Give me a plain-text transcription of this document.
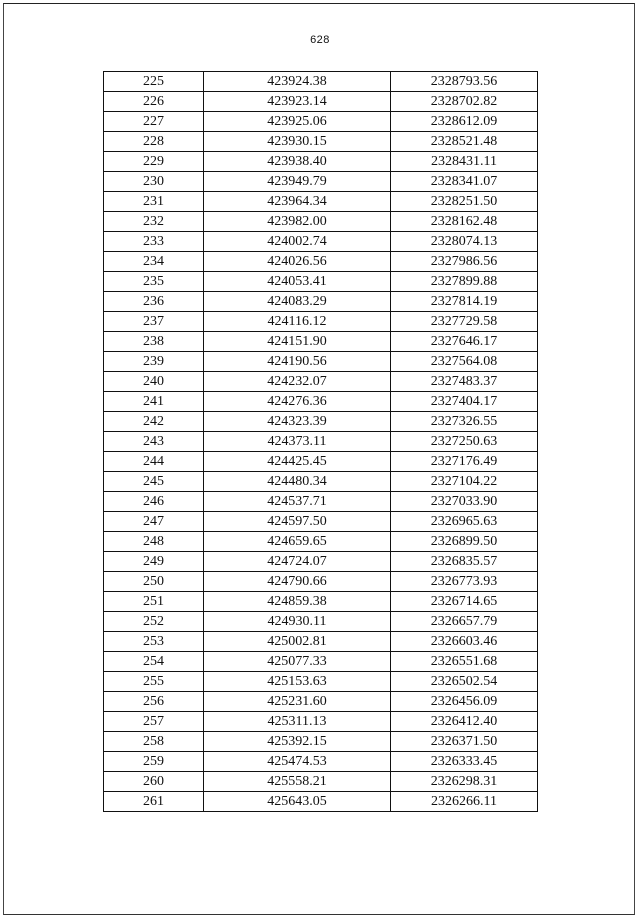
628
225	423924.38	2328793.56
226	423923.14	2328702.82
227	423925.06	2328612.09
228	423930.15	2328521.48
229	423938.40	2328431.11
230	423949.79	2328341.07
231	423964.34	2328251.50
232	423982.00	2328162.48
233	424002.74	2328074.13
234	424026.56	2327986.56
235	424053.41	2327899.88
236	424083.29	2327814.19
237	424116.12	2327729.58
238	424151.90	2327646.17
239	424190.56	2327564.08
240	424232.07	2327483.37
241	424276.36	2327404.17
242	424323.39	2327326.55
243	424373.11	2327250.63
244	424425.45	2327176.49
245	424480.34	2327104.22
246	424537.71	2327033.90
247	424597.50	2326965.63
248	424659.65	2326899.50
249	424724.07	2326835.57
250	424790.66	2326773.93
251	424859.38	2326714.65
252	424930.11	2326657.79
253	425002.81	2326603.46
254	425077.33	2326551.68
255	425153.63	2326502.54
256	425231.60	2326456.09
257	425311.13	2326412.40
258	425392.15	2326371.50
259	425474.53	2326333.45
260	425558.21	2326298.31
261	425643.05	2326266.11
